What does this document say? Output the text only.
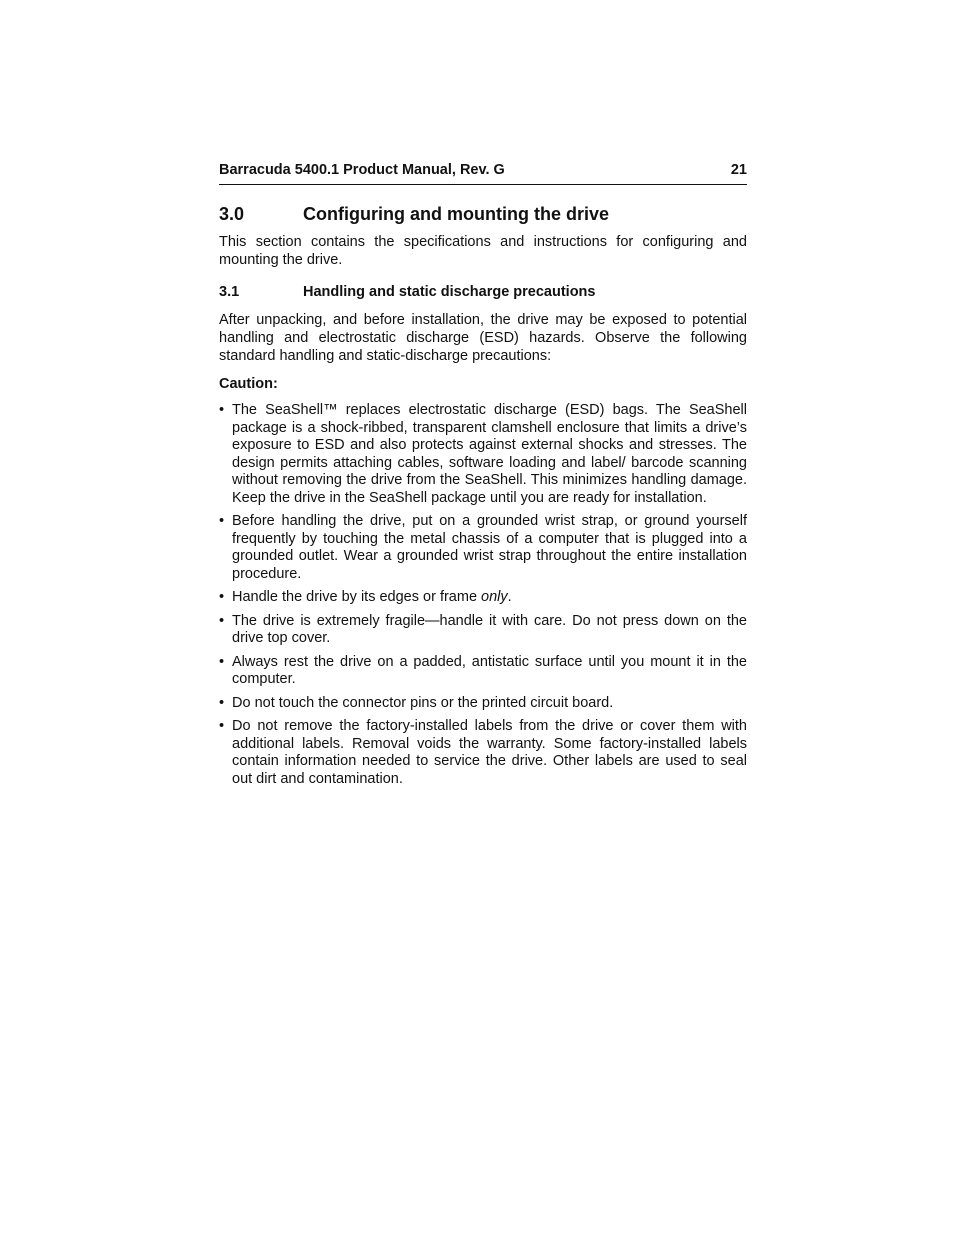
Barracuda 5400.1 Product Manual, Rev. G	21
3.0	Configuring and mounting the drive

This section contains the specifications and instructions for configuring and mounting the drive.

3.1	Handling and static discharge precautions

After unpacking, and before installation, the drive may be exposed to potential handling and electrostatic discharge (ESD) hazards. Observe the following standard handling and static-discharge precautions:

Caution:
• The SeaShell™ replaces electrostatic discharge (ESD) bags. The SeaShell package is a shock-ribbed, transparent clamshell enclosure that limits a drive’s exposure to ESD and also protects against external shocks and stresses. The design permits attaching cables, software loading and label/ barcode scanning without removing the drive from the SeaShell. This minimizes handling damage. Keep the drive in the SeaShell package until you are ready for installation.
• Before handling the drive, put on a grounded wrist strap, or ground yourself frequently by touching the metal chassis of a computer that is plugged into a grounded outlet. Wear a grounded wrist strap throughout the entire installation procedure.
• Handle the drive by its edges or frame only.
• The drive is extremely fragile—handle it with care. Do not press down on the drive top cover.
• Always rest the drive on a padded, antistatic surface until you mount it in the computer.
• Do not touch the connector pins or the printed circuit board.
• Do not remove the factory-installed labels from the drive or cover them with additional labels. Removal voids the warranty. Some factory-installed labels contain information needed to service the drive. Other labels are used to seal out dirt and contamination.
